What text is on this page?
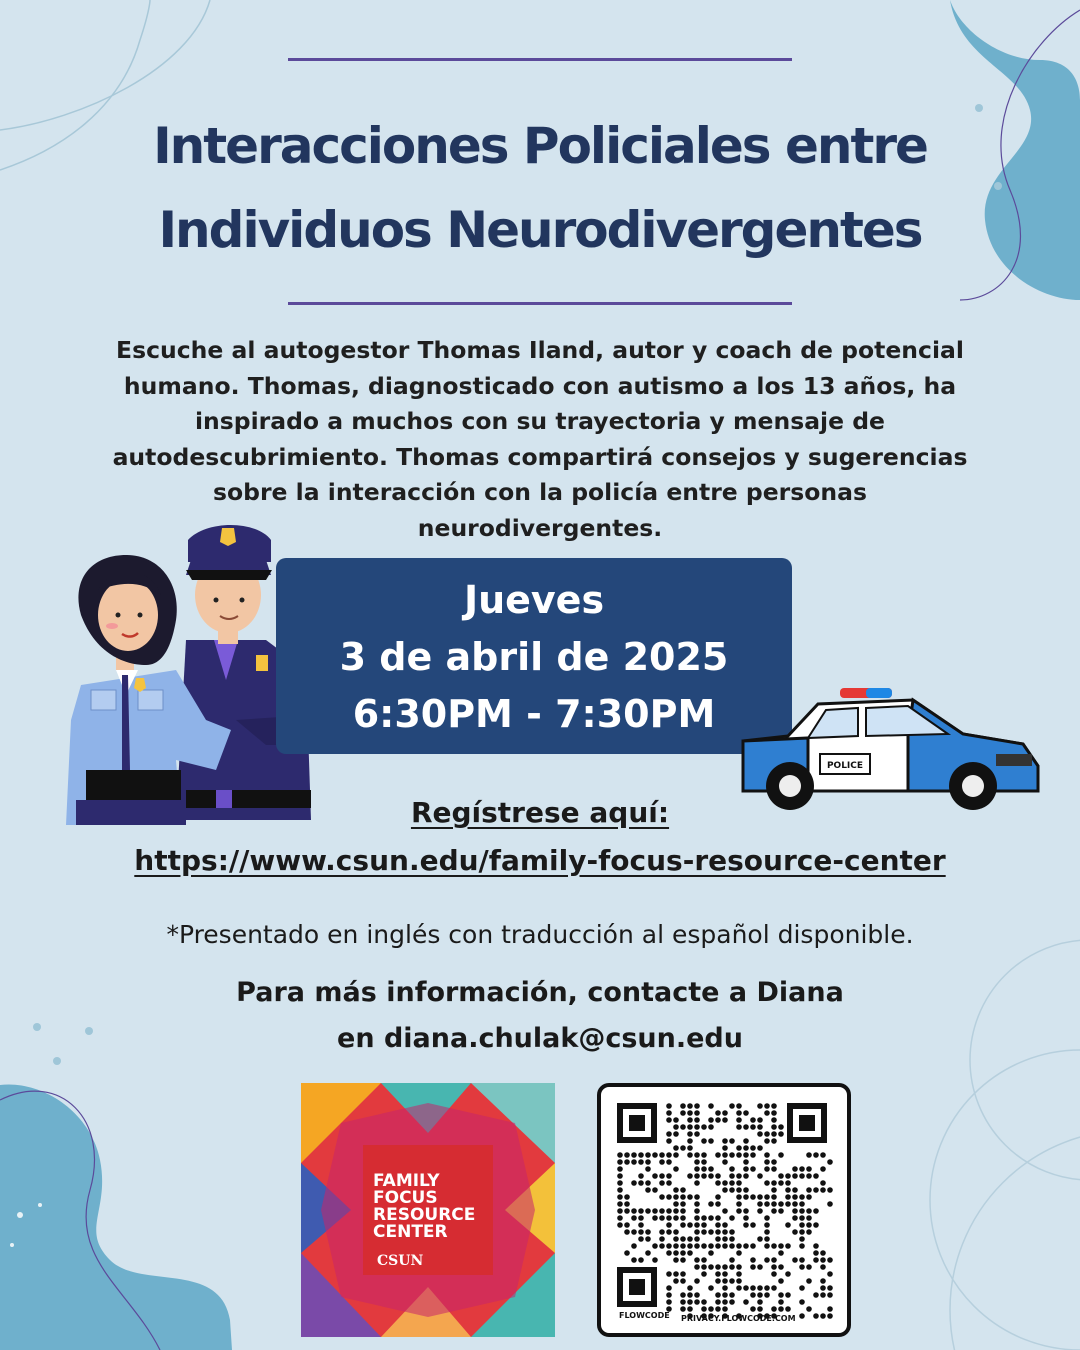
Interacciones Policiales entre
Individuos Neurodivergentes
Escuche al autogestor Thomas Iland, autor y coach de potencial
humano. Thomas, diagnosticado con autismo a los 13 años, ha
inspirado a muchos con su trayectoria y mensaje de
autodescubrimiento. Thomas compartirá consejos y sugerencias
sobre la interacción con la policía entre personas neurodivergentes.
Jueves
3 de abril de 2025
6:30PM - 7:30PM
POLICE
Regístrese aquí:
https://www.csun.edu/family-focus-resource-center
*Presentado en inglés con traducción al español disponible.
Para más información, contacte a Diana
en diana.chulak@csun.edu
FAMILY
FOCUS
RESOURCE
CENTER
CSUN
FLOWCODE PRIVACY.FLOWCODE.COM
